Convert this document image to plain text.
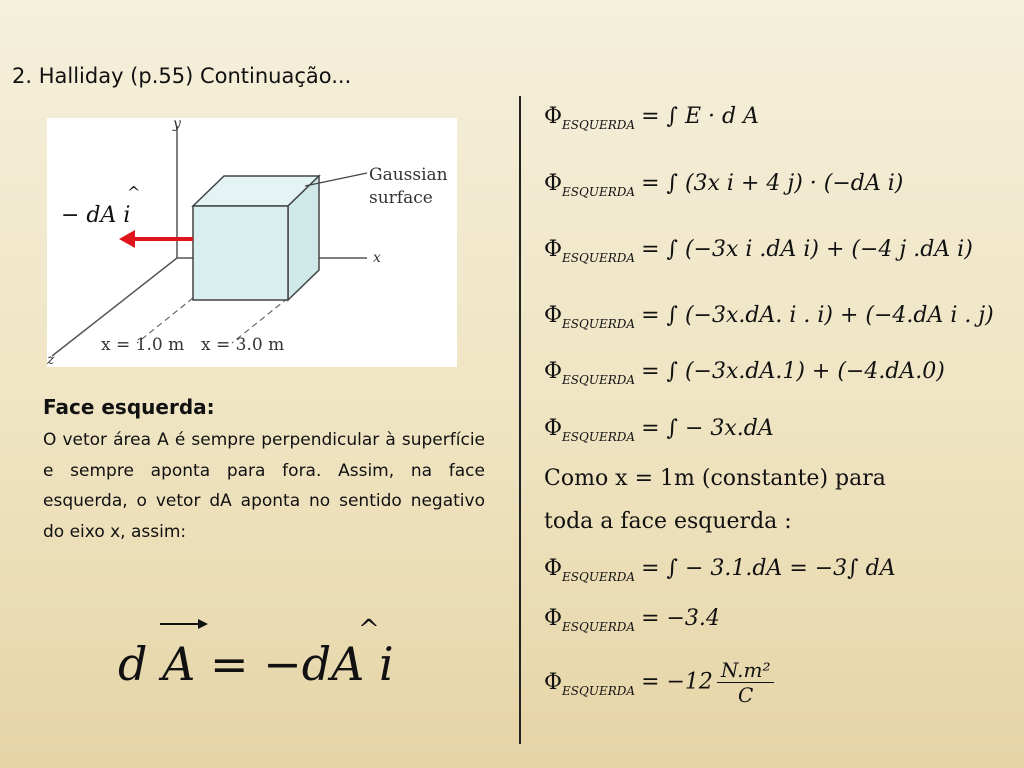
2. Halliday (p.55) Continuação...
y
x
z
Gaussian
surface
x = 1.0 m x = 3.0 m
− dA i
^
Face esquerda:
O vetor área A é sempre perpendicular à superfície e sempre aponta para fora. Assim, na face esquerda, o vetor dA aponta no sentido negativo do eixo x, assim:
d A = −dA i
^
$\Phi_{ESQUERDA}$ = ∫ E · d A
$\Phi_{ESQUERDA}$ = ∫ (3x i + 4 j) · (−dA i)
$\Phi_{ESQUERDA}$ = ∫ (−3x i .dA i) + (−4 j .dA i)
$\Phi_{ESQUERDA}$ = ∫ (−3x.dA. i . i) + (−4.dA i . j)
$\Phi_{ESQUERDA}$ = ∫ (−3x.dA.1) + (−4.dA.0)
$\Phi_{ESQUERDA}$ = ∫ − 3x.dA
Como x = 1m (constante) para
toda a face esquerda :
$\Phi_{ESQUERDA}$ = ∫ − 3.1.dA = −3∫ dA
$\Phi_{ESQUERDA} = -3.4$
$\Phi_{ESQUERDA} = -12 \frac{\text{N.m²}}{C}$
